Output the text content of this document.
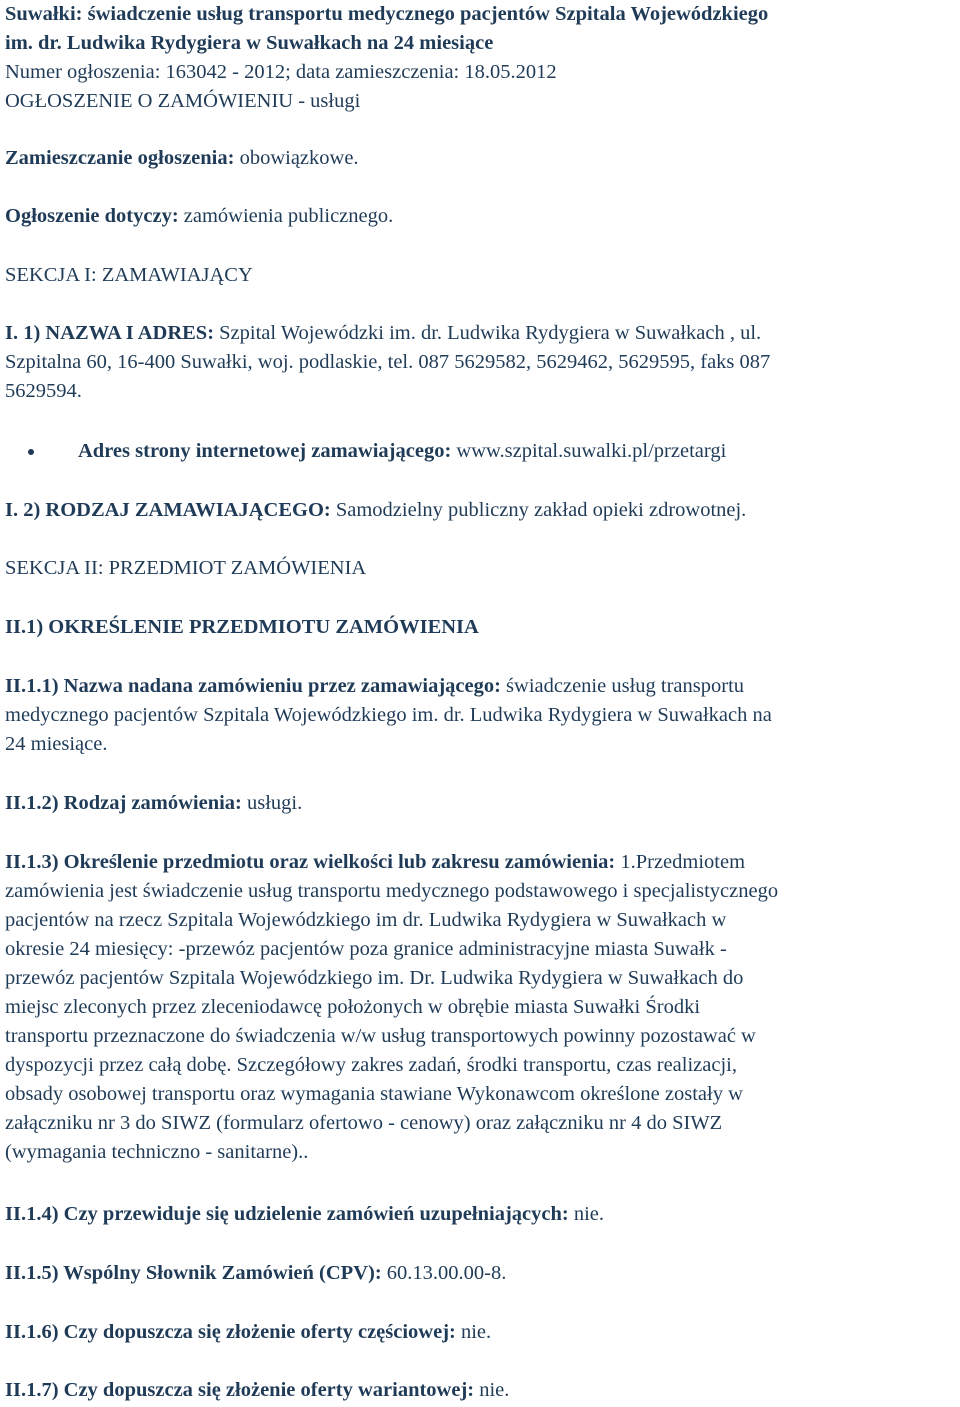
Suwałki: świadczenie usług transportu medycznego pacjentów Szpitala Wojewódzkiego
im. dr. Ludwika Rydygiera w Suwałkach na 24 miesiące
Numer ogłoszenia: 163042 - 2012; data zamieszczenia: 18.05.2012
OGŁOSZENIE O ZAMÓWIENIU - usługi
Zamieszczanie ogłoszenia: obowiązkowe.
Ogłoszenie dotyczy: zamówienia publicznego.
SEKCJA I: ZAMAWIAJĄCY
I. 1) NAZWA I ADRES: Szpital Wojewódzki im. dr. Ludwika Rydygiera w Suwałkach , ul.
Szpitalna 60, 16-400 Suwałki, woj. podlaskie, tel. 087 5629582, 5629462, 5629595, faks 087
5629594.
Adres strony internetowej zamawiającego: www.szpital.suwalki.pl/przetargi
I. 2) RODZAJ ZAMAWIAJĄCEGO: Samodzielny publiczny zakład opieki zdrowotnej.
SEKCJA II: PRZEDMIOT ZAMÓWIENIA
II.1) OKREŚLENIE PRZEDMIOTU ZAMÓWIENIA
II.1.1) Nazwa nadana zamówieniu przez zamawiającego: świadczenie usług transportu
medycznego pacjentów Szpitala Wojewódzkiego im. dr. Ludwika Rydygiera w Suwałkach na
24 miesiące.
II.1.2) Rodzaj zamówienia: usługi.
II.1.3) Określenie przedmiotu oraz wielkości lub zakresu zamówienia: 1.Przedmiotem
zamówienia jest świadczenie usług transportu medycznego podstawowego i specjalistycznego
pacjentów na rzecz Szpitala Wojewódzkiego im dr. Ludwika Rydygiera w Suwałkach w
okresie 24 miesięcy: -przewóz pacjentów poza granice administracyjne miasta Suwałk -
przewóz pacjentów Szpitala Wojewódzkiego im. Dr. Ludwika Rydygiera w Suwałkach do
miejsc zleconych przez zleceniodawcę położonych w obrębie miasta Suwałki Środki
transportu przeznaczone do świadczenia w/w usług transportowych powinny pozostawać w
dyspozycji przez całą dobę. Szczegółowy zakres zadań, środki transportu, czas realizacji,
obsady osobowej transportu oraz wymagania stawiane Wykonawcom określone zostały w
załączniku nr 3 do SIWZ (formularz ofertowo - cenowy) oraz załączniku nr 4 do SIWZ
(wymagania techniczno - sanitarne)..
II.1.4) Czy przewiduje się udzielenie zamówień uzupełniających: nie.
II.1.5) Wspólny Słownik Zamówień (CPV): 60.13.00.00-8.
II.1.6) Czy dopuszcza się złożenie oferty częściowej: nie.
II.1.7) Czy dopuszcza się złożenie oferty wariantowej: nie.
